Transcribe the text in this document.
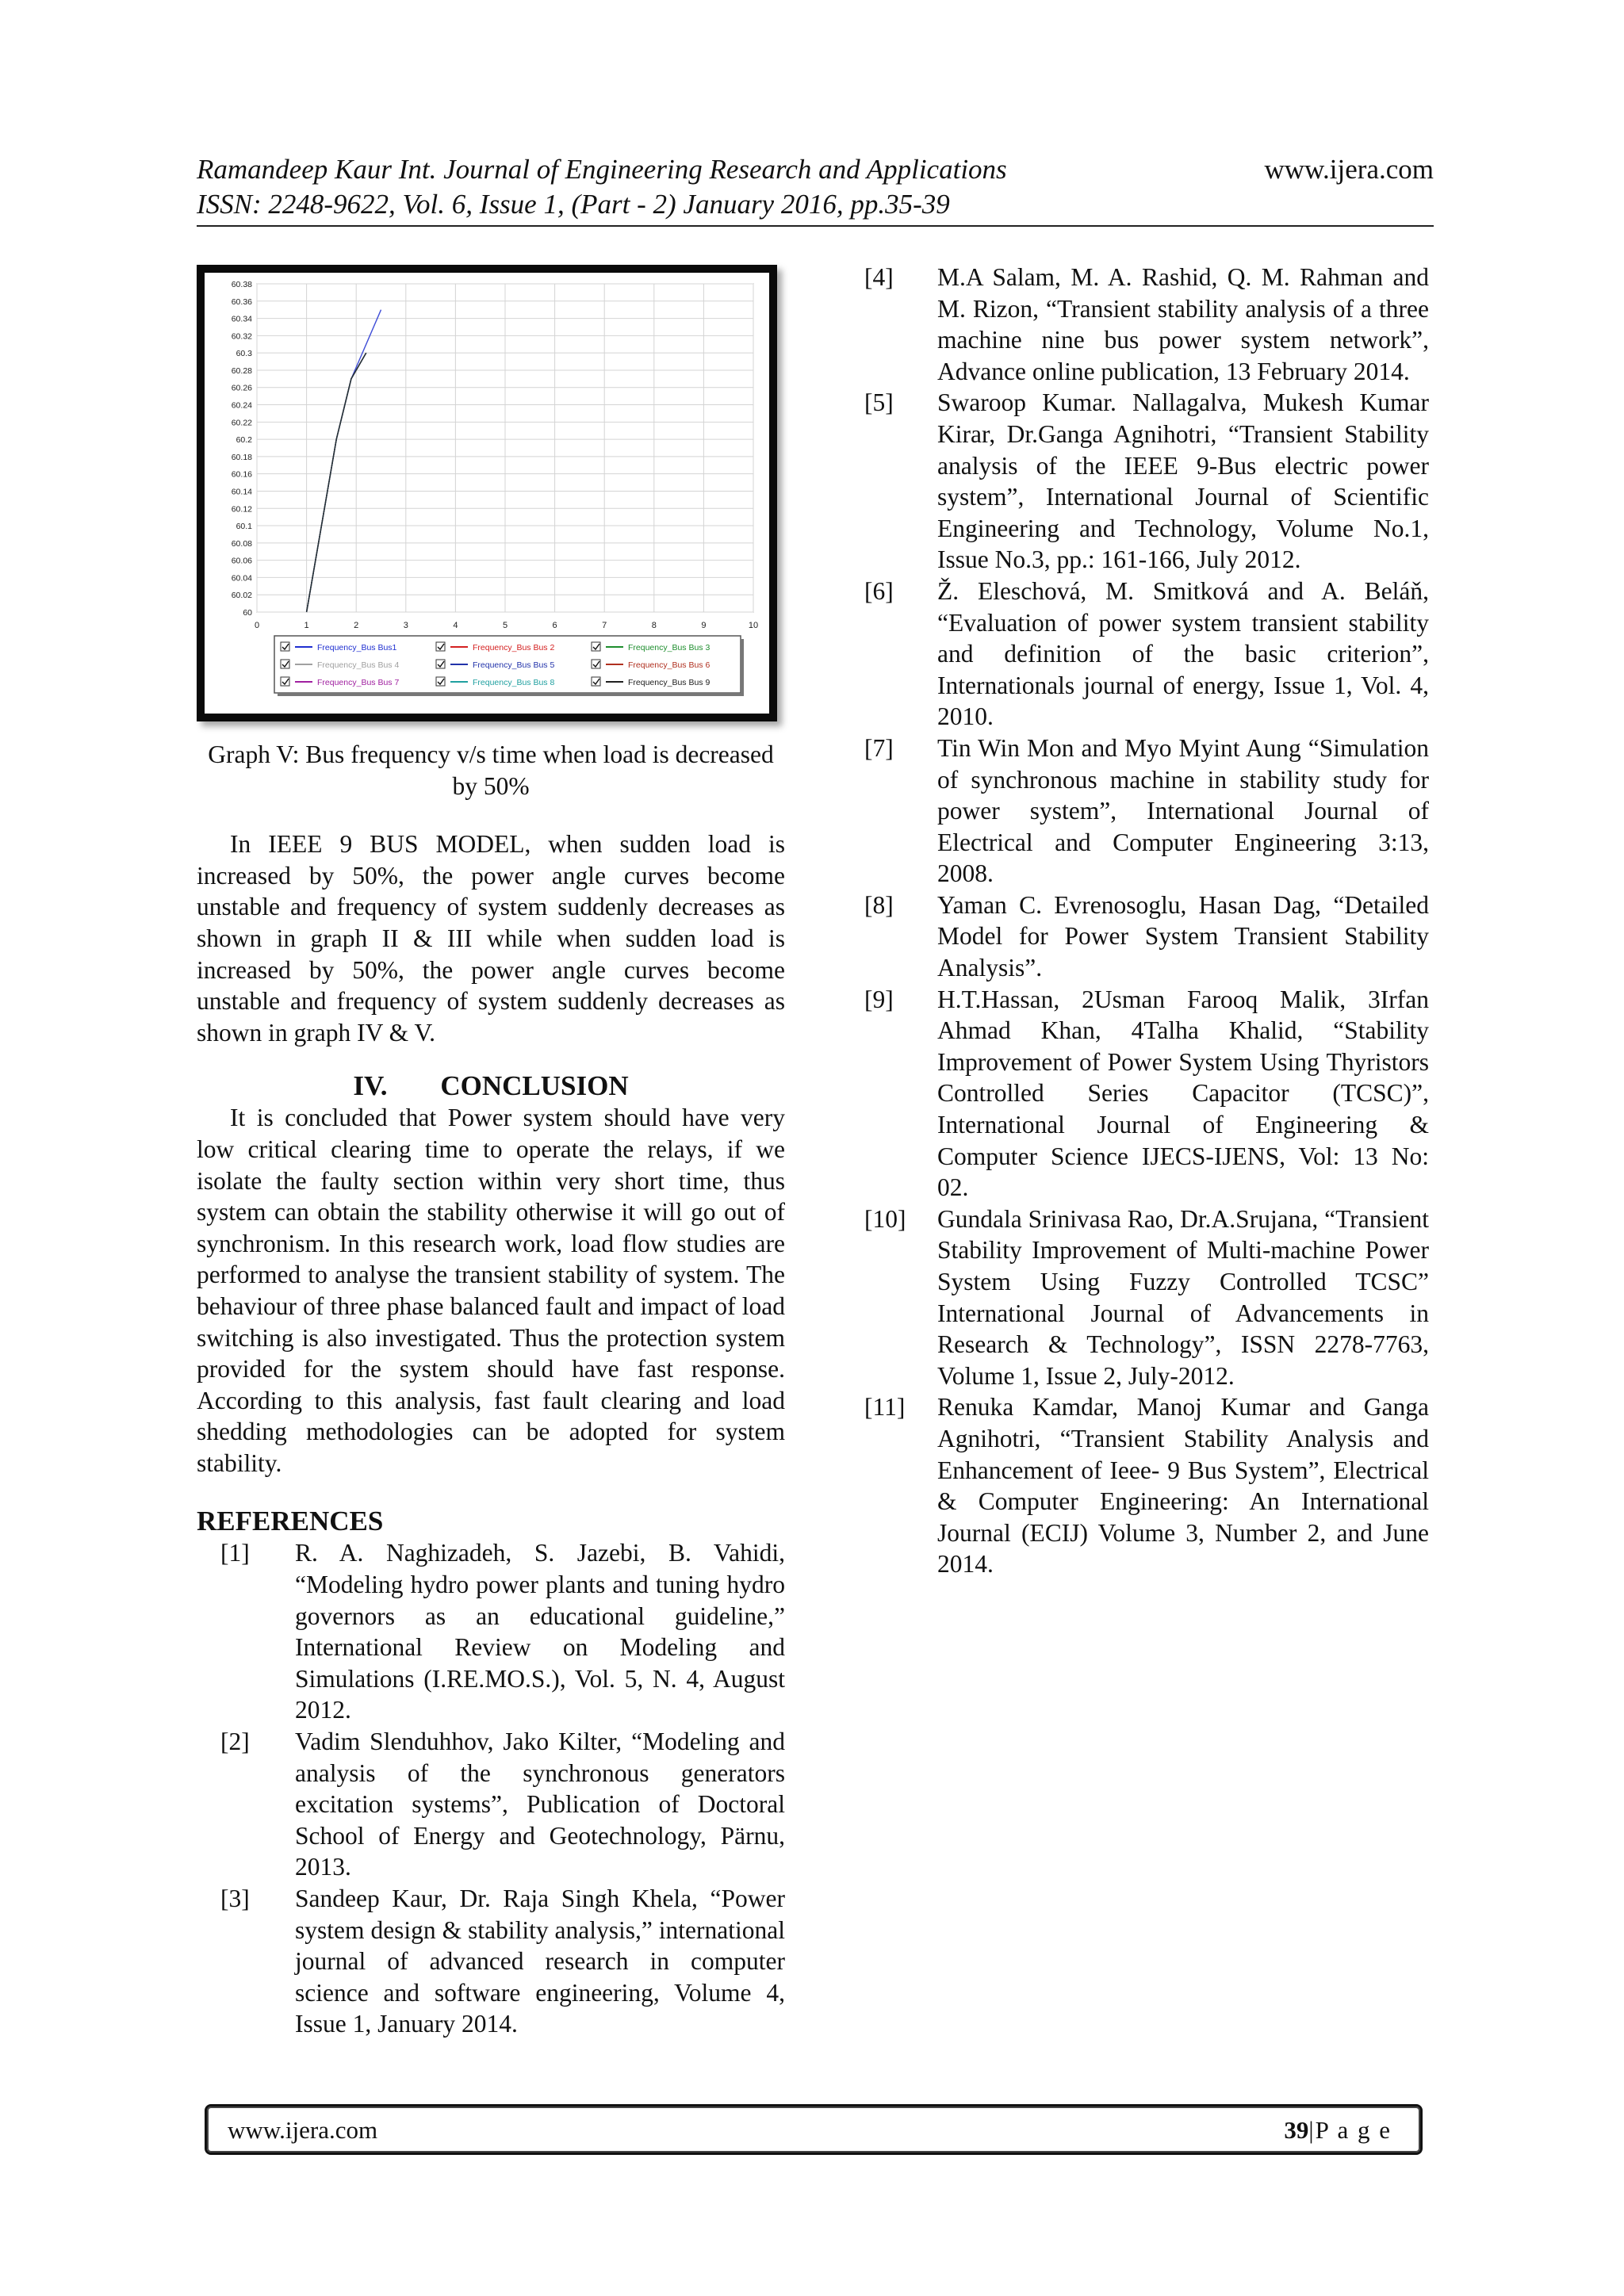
Ramandeep Kaur Int. Journal of Engineering Research and Applications	www.ijera.com
ISSN: 2248-9622, Vol. 6, Issue 1, (Part - 2) January 2016, pp.35-39
0	1	2	3	4	5	6	7	8	9	10
60
60.02
60.04
60.06
60.08
60.1
60.12
60.14
60.16
60.18
60.2
60.22
60.24
60.26
60.28
60.3
60.32
60.34
60.36
60.38
Frequency_Bus Bus1	Frequency_Bus Bus 2	Frequency_Bus Bus 3
Frequency_Bus Bus 4	Frequency_Bus Bus 5	Frequency_Bus Bus 6
Frequency_Bus Bus 7	Frequency_Bus Bus 8	Frequency_Bus Bus 9
Graph V: Bus frequency v/s time when load is decreased by 50%

In IEEE 9 BUS MODEL, when sudden load is increased by 50%, the power angle curves become unstable and frequency of system suddenly decreases as shown in graph II & III while when sudden load is increased by 50%, the power angle curves become unstable and frequency of system suddenly decreases as shown in graph IV & V.

IV. CONCLUSION

It is concluded that Power system should have very low critical clearing time to operate the relays, if we isolate the faulty section within very short time, thus system can obtain the stability otherwise it will go out of synchronism. In this research work, load flow studies are performed to analyse the transient stability of system. The behaviour of three phase balanced fault and impact of load switching is also investigated. Thus the protection system provided for the system should have fast response. According to this analysis, fast fault clearing and load shedding methodologies can be adopted for system stability.

REFERENCES
[1]	R. A. Naghizadeh, S. Jazebi, B. Vahidi, “Modeling hydro power plants and tuning hydro governors as an educational guideline,” International Review on Modeling and Simulations (I.RE.MO.S.), Vol. 5, N. 4, August 2012.
[2]	Vadim Slenduhhov, Jako Kilter, “Modeling and analysis of the synchronous generators excitation systems”, Publication of Doctoral School of Energy and Geotechnology, Pärnu, 2013.
[3]	Sandeep Kaur, Dr. Raja Singh Khela, “Power system design & stability analysis,” international journal of advanced research in computer science and software engineering, Volume 4, Issue 1, January 2014.
[4]	M.A Salam, M. A. Rashid, Q. M. Rahman and M. Rizon, “Transient stability analysis of a three machine nine bus power system network”, Advance online publication, 13 February 2014.
[5]	Swaroop Kumar. Nallagalva, Mukesh Kumar Kirar, Dr.Ganga Agnihotri, “Transient Stability analysis of the IEEE 9-Bus electric power system”, International Journal of Scientific Engineering and Technology, Volume No.1, Issue No.3, pp.: 161-166, July 2012.
[6]	Ž. Eleschová, M. Smitková and A. Beláň, “Evaluation of power system transient stability and definition of the basic criterion”, Internationals journal of energy, Issue 1, Vol. 4, 2010.
[7]	Tin Win Mon and Myo Myint Aung “Simulation of synchronous machine in stability study for power system”, International Journal of Electrical and Computer Engineering 3:13, 2008.
[8]	Yaman C. Evrenosoglu, Hasan Dag, “Detailed Model for Power System Transient Stability Analysis”.
[9]	H.T.Hassan, 2Usman Farooq Malik, 3Irfan Ahmad Khan, 4Talha Khalid, “Stability Improvement of Power System Using Thyristors Controlled Series Capacitor (TCSC)”, International Journal of Engineering & Computer Science IJECS-IJENS, Vol: 13 No: 02.
[10]	Gundala Srinivasa Rao, Dr.A.Srujana, “Transient Stability Improvement of Multi-machine Power System Using Fuzzy Controlled TCSC” International Journal of Advancements in Research & Technology”, ISSN 2278-7763, Volume 1, Issue 2, July-2012.
[11]	Renuka Kamdar, Manoj Kumar and Ganga Agnihotri, “Transient Stability Analysis and Enhancement of Ieee- 9 Bus System”, Electrical & Computer Engineering: An International Journal (ECIJ) Volume 3, Number 2, and June 2014.
www.ijera.com	39|P a g e
